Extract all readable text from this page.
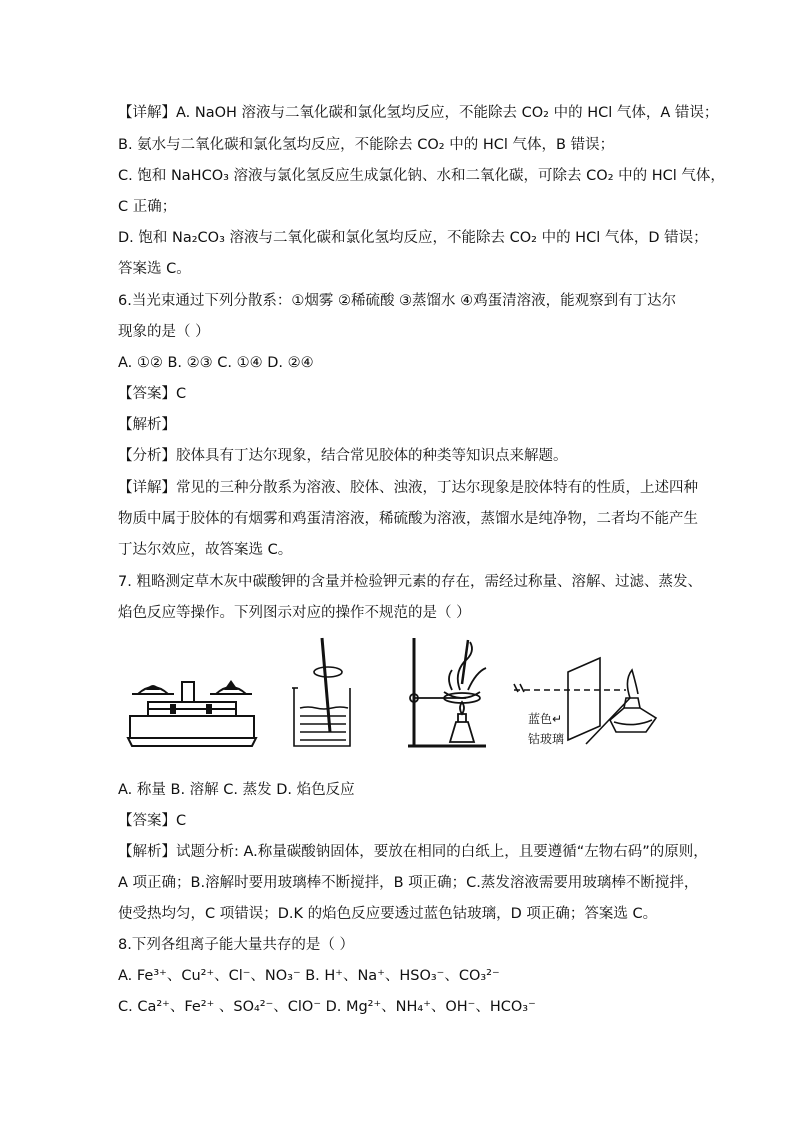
【详解】A. NaOH 溶液与二氧化碳和氯化氢均反应，不能除去 CO₂ 中的 HCl 气体，A 错误；
B. 氨水与二氧化碳和氯化氢均反应，不能除去 CO₂ 中的 HCl 气体，B 错误；
C. 饱和 NaHCO₃ 溶液与氯化氢反应生成氯化钠、水和二氧化碳，可除去 CO₂ 中的 HCl 气体，
C 正确；
D. 饱和 Na₂CO₃ 溶液与二氧化碳和氯化氢均反应，不能除去 CO₂ 中的 HCl 气体，D 错误；
答案选 C。
6.当光束通过下列分散系：①烟雾 ②稀硫酸 ③蒸馏水 ④鸡蛋清溶液，能观察到有丁达尔
现象的是（ ）
A. ①② B. ②③ C. ①④ D. ②④
【答案】C
【解析】
【分析】胶体具有丁达尔现象，结合常见胶体的种类等知识点来解题。
【详解】常见的三种分散系为溶液、胶体、浊液，丁达尔现象是胶体特有的性质，上述四种
物质中属于胶体的有烟雾和鸡蛋清溶液，稀硫酸为溶液，蒸馏水是纯净物，二者均不能产生
丁达尔效应，故答案选 C。
7. 粗略测定草木灰中碳酸钾的含量并检验钾元素的存在，需经过称量、溶解、过滤、蒸发、
焰色反应等操作。下列图示对应的操作不规范的是（ ）
蓝色↵
钴玻璃
A. 称量 B. 溶解 C. 蒸发 D. 焰色反应
【答案】C
【解析】试题分析: A.称量碳酸钠固体，要放在相同的白纸上，且要遵循“左物右码”的原则，
A 项正确；B.溶解时要用玻璃棒不断搅拌，B 项正确；C.蒸发溶液需要用玻璃棒不断搅拌，
使受热均匀，C 项错误；D.K 的焰色反应要透过蓝色钴玻璃，D 项正确；答案选 C。
8.下列各组离子能大量共存的是（ ）
A. Fe³⁺、Cu²⁺、Cl⁻、NO₃⁻ B. H⁺、Na⁺、HSO₃⁻、CO₃²⁻
C. Ca²⁺、Fe²⁺ 、SO₄²⁻、ClO⁻ D. Mg²⁺、NH₄⁺、OH⁻、HCO₃⁻
